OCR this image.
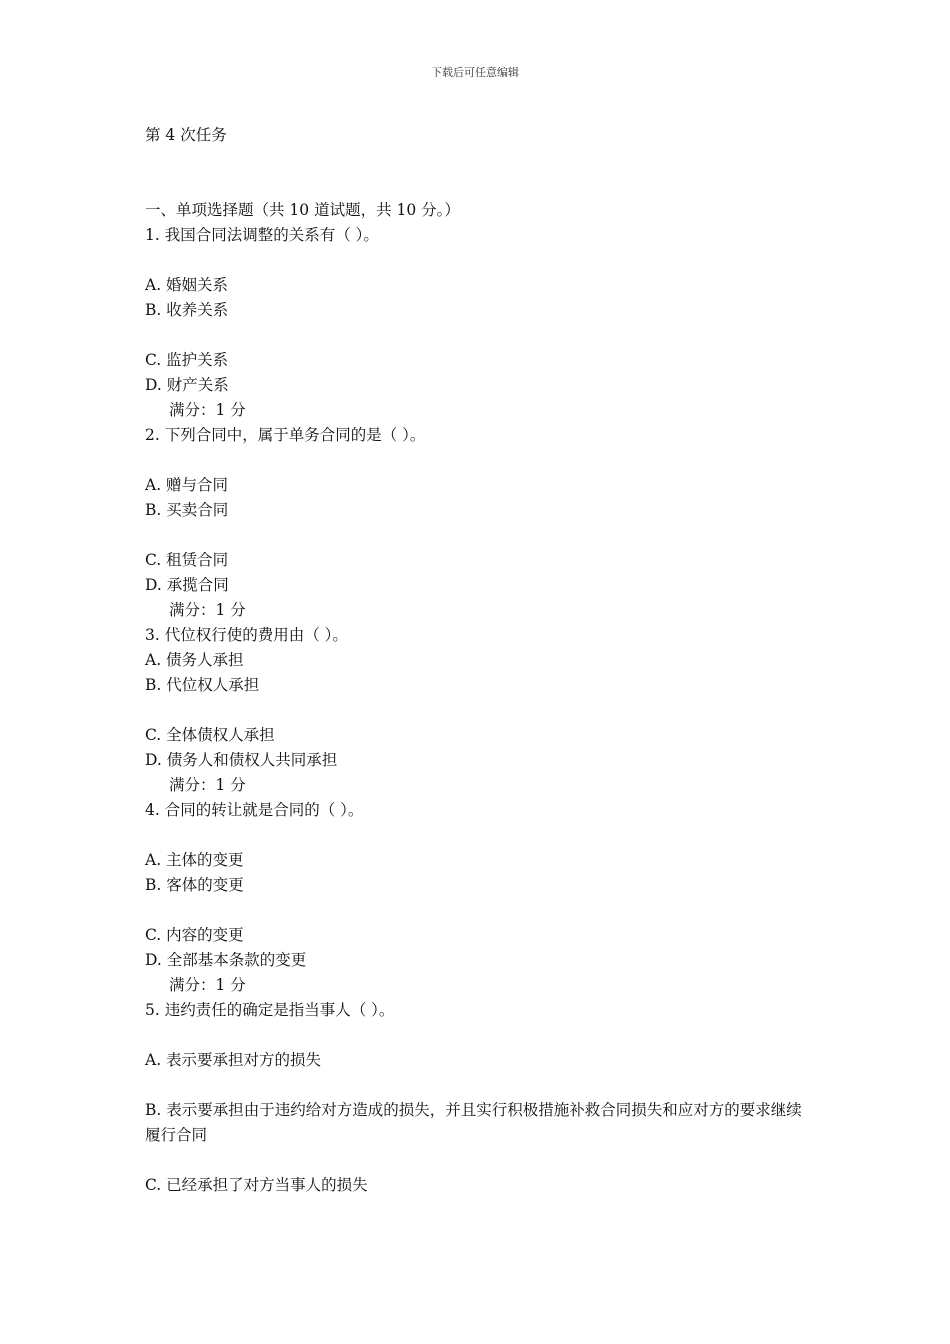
下载后可任意编辑

第 4 次任务

一、单项选择题（共 10 道试题，共 10 分。）

1. 我国合同法调整的关系有（ ）。

A. 婚姻关系

B. 收养关系

C. 监护关系

D. 财产关系

满分：1 分

2. 下列合同中，属于单务合同的是（ ）。

A. 赠与合同

B. 买卖合同

C. 租赁合同

D. 承揽合同

满分：1 分

3. 代位权行使的费用由（ ）。

A. 债务人承担

B. 代位权人承担

C. 全体债权人承担

D. 债务人和债权人共同承担

满分：1 分

4. 合同的转让就是合同的（ ）。

A. 主体的变更

B. 客体的变更

C. 内容的变更

D. 全部基本条款的变更

满分：1 分

5. 违约责任的确定是指当事人（ ）。

A. 表示要承担对方的损失

B. 表示要承担由于违约给对方造成的损失，并且实行积极措施补救合同损失和应对方的要求继续履行合同

C. 已经承担了对方当事人的损失
